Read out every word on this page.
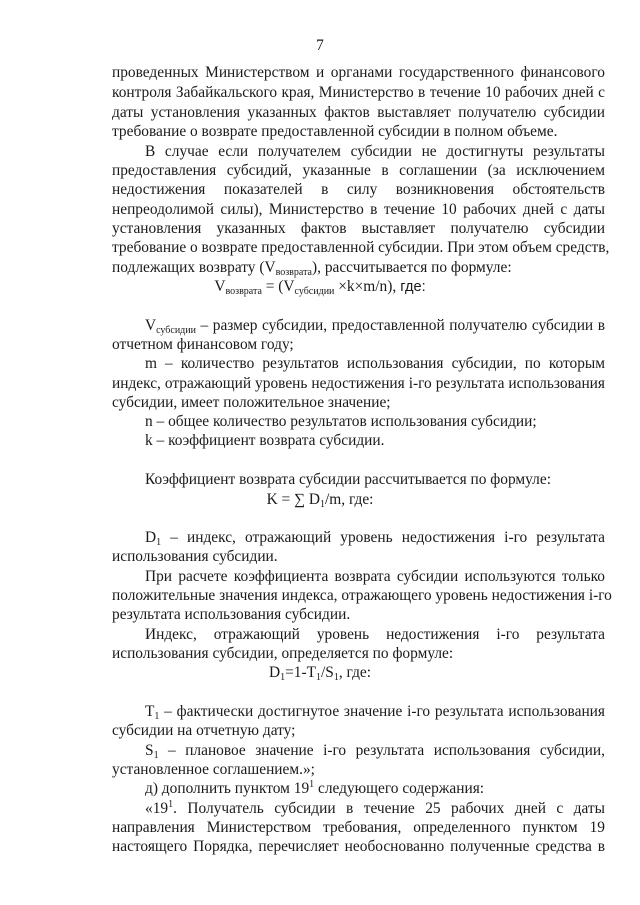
7
проведенных Министерством и органами государственного финансового
контроля Забайкальского края, Министерство в течение 10 рабочих дней с
даты установления указанных фактов выставляет получателю субсидии
требование о возврате предоставленной субсидии в полном объеме.
В случае если получателем субсидии не достигнуты результаты
предоставления субсидий, указанные в соглашении (за исключением
недостижения показателей в силу возникновения обстоятельств
непреодолимой силы), Министерство в течение 10 рабочих дней с даты
установления указанных фактов выставляет получателю субсидии
требование о возврате предоставленной субсидии. При этом объем средств,
подлежащих возврату $(V_{возврата})$, рассчитывается по формуле:
$V_{возврата} = (V_{субсидии} \times k\times m/n)$, где:
$V_{субсидии}$ – размер субсидии, предоставленной получателю субсидии в
отчетном финансовом году;
m – количество результатов использования субсидии, по которым
индекс, отражающий уровень недостижения i-го результата использования
субсидии, имеет положительное значение;
n – общее количество результатов использования субсидии;
k – коэффициент возврата субсидии.
Коэффициент возврата субсидии рассчитывается по формуле:
K = ∑ $D_1/m$, где:
$D_1$ – индекс, отражающий уровень недостижения i-го результата
использования субсидии.
При расчете коэффициента возврата субсидии используются только
положительные значения индекса, отражающего уровень недостижения i-го
результата использования субсидии.
Индекс, отражающий уровень недостижения i-го результата
использования субсидии, определяется по формуле:
$D_1=1-T_1/S_1$, где:
$T_1$ – фактически достигнутое значение i-го результата использования
субсидии на отчетную дату;
$S_1$ – плановое значение i-го результата использования субсидии,
установленное соглашением.»;
д) дополнить пунктом $19^1$ следующего содержания:
«$19^1$. Получатель субсидии в течение 25 рабочих дней с даты
направления Министерством требования, определенного пунктом 19
настоящего Порядка, перечисляет необоснованно полученные средства в
